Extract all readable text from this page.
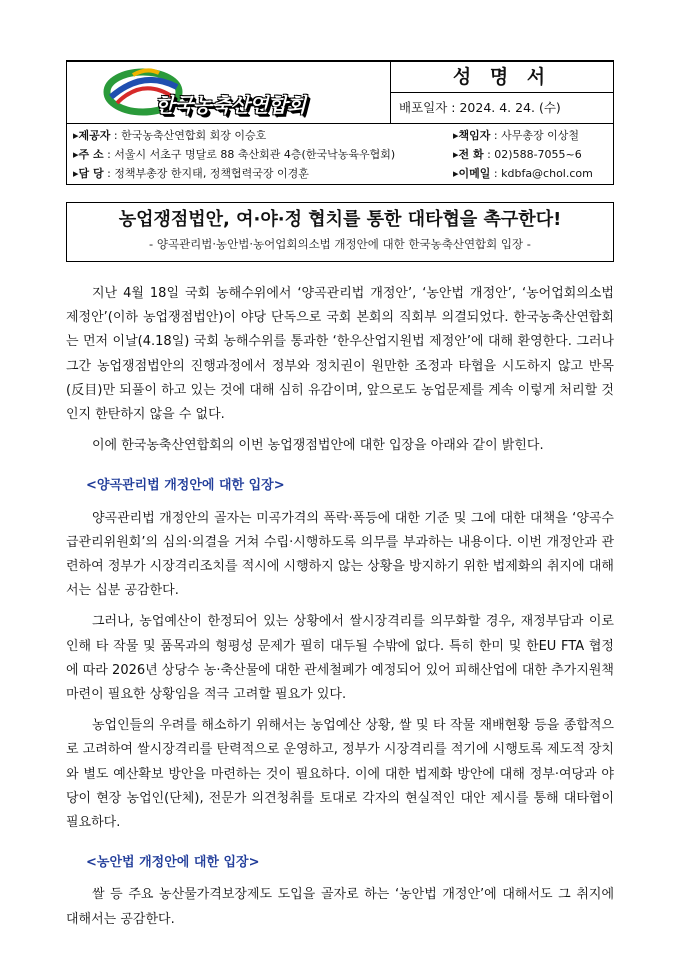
한국농축산연합회
성 명 서
배포일자 : 2024. 4. 24. (수)
▸제공자 : 한국농축산연합회 회장 이승호	▸책임자 : 사무총장 이상철
▸주 소 : 서울시 서초구 명달로 88 축산회관 4층(한국낙농육우협회)	▸전 화 : 02)588-7055~6
▸담 당 : 정책부총장 한지태, 정책협력국장 이경훈	▸이메일 : kdbfa@chol.com
농업쟁점법안, 여·야·정 협치를 통한 대타협을 촉구한다!
- 양곡관리법·농안법·농어업회의소법 개정안에 대한 한국농축산연합회 입장 -

지난 4월 18일 국회 농해수위에서 ‘양곡관리법 개정안’, ‘농안법 개정안’, ‘농어업회의소법 제정안’(이하 농업쟁점법안)이 야당 단독으로 국회 본회의 직회부 의결되었다. 한국농축산연합회는 먼저 이날(4.18일) 국회 농해수위를 통과한 ‘한우산업지원법 제정안’에 대해 환영한다. 그러나 그간 농업쟁점법안의 진행과정에서 정부와 정치권이 원만한 조정과 타협을 시도하지 않고 반목(反目)만 되풀이 하고 있는 것에 대해 심히 유감이며, 앞으로도 농업문제를 계속 이렇게 처리할 것인지 한탄하지 않을 수 없다.

이에 한국농축산연합회의 이번 농업쟁점법안에 대한 입장을 아래와 같이 밝힌다.

<양곡관리법 개정안에 대한 입장>

양곡관리법 개정안의 골자는 미곡가격의 폭락·폭등에 대한 기준 및 그에 대한 대책을 ‘양곡수급관리위원회’의 심의·의결을 거쳐 수립·시행하도록 의무를 부과하는 내용이다. 이번 개정안과 관련하여 정부가 시장격리조치를 적시에 시행하지 않는 상황을 방지하기 위한 법제화의 취지에 대해서는 십분 공감한다.

그러나, 농업예산이 한정되어 있는 상황에서 쌀시장격리를 의무화할 경우, 재정부담과 이로 인해 타 작물 및 품목과의 형평성 문제가 필히 대두될 수밖에 없다. 특히 한미 및 한EU FTA 협정에 따라 2026년 상당수 농·축산물에 대한 관세철폐가 예정되어 있어 피해산업에 대한 추가지원책 마련이 필요한 상황임을 적극 고려할 필요가 있다.

농업인들의 우려를 해소하기 위해서는 농업예산 상황, 쌀 및 타 작물 재배현황 등을 종합적으로 고려하여 쌀시장격리를 탄력적으로 운영하고, 정부가 시장격리를 적기에 시행토록 제도적 장치와 별도 예산확보 방안을 마련하는 것이 필요하다. 이에 대한 법제화 방안에 대해 정부·여당과 야당이 현장 농업인(단체), 전문가 의견청취를 토대로 각자의 현실적인 대안 제시를 통해 대타협이 필요하다.

<농안법 개정안에 대한 입장>

쌀 등 주요 농산물가격보장제도 도입을 골자로 하는 ‘농안법 개정안’에 대해서도 그 취지에 대해서는 공감한다.
